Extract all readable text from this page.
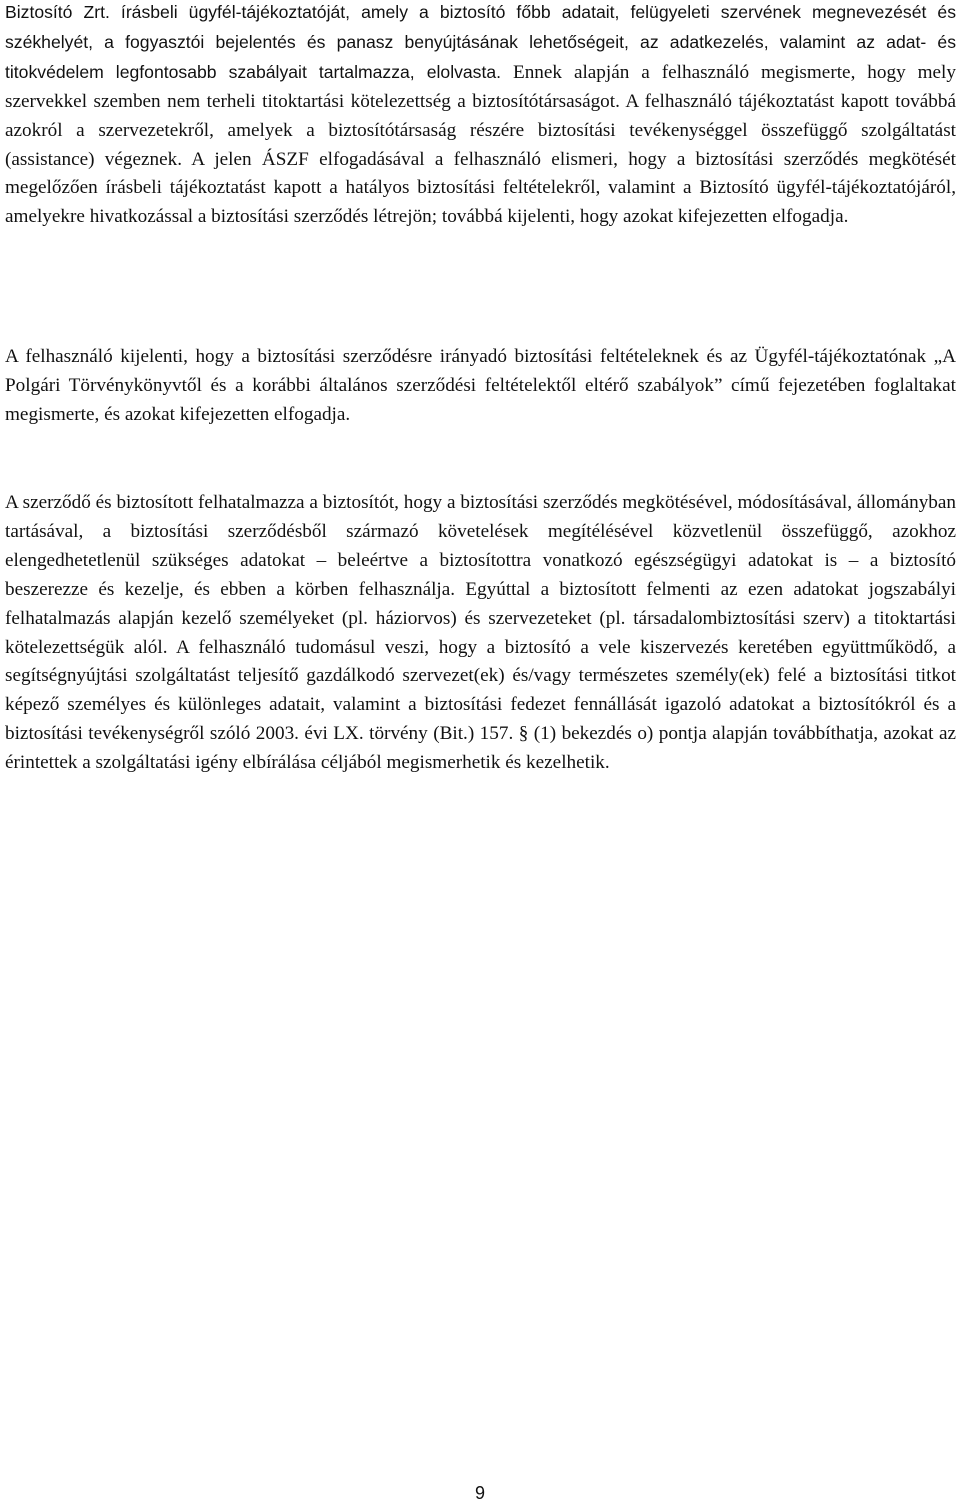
Biztosító Zrt. írásbeli ügyfél-tájékoztatóját, amely a biztosító főbb adatait, felügyeleti szervének megnevezését és székhelyét, a fogyasztói bejelentés és panasz benyújtásának lehetőségeit, az adatkezelés, valamint az adat- és titokvédelem legfontosabb szabályait tartalmazza, elolvasta. Ennek alapján a felhasználó megismerte, hogy mely szervekkel szemben nem terheli titoktartási kötelezettség a biztosítótársaságot. A felhasználó tájékoztatást kapott továbbá azokról a szervezetekről, amelyek a biztosítótársaság részére biztosítási tevékenységgel összefüggő szolgáltatást (assistance) végeznek. A jelen ÁSZF elfogadásával a felhasználó elismeri, hogy a biztosítási szerződés megkötését megelőzően írásbeli tájékoztatást kapott a hatályos biztosítási feltételekről, valamint a Biztosító ügyfél-tájékoztatójáról, amelyekre hivatkozással a biztosítási szerződés létrejön; továbbá kijelenti, hogy azokat kifejezetten elfogadja.

A felhasználó kijelenti, hogy a biztosítási szerződésre irányadó biztosítási feltételeknek és az Ügyfél-tájékoztatónak „A Polgári Törvénykönyvtől és a korábbi általános szerződési feltételektől eltérő szabályok” című fejezetében foglaltakat megismerte, és azokat kifejezetten elfogadja.

A szerződő és biztosított felhatalmazza a biztosítót, hogy a biztosítási szerződés megkötésével, módosításával, állományban tartásával, a biztosítási szerződésből származó követelések megítélésével közvetlenül összefüggő, azokhoz elengedhetetlenül szükséges adatokat – beleértve a biztosítottra vonatkozó egészségügyi adatokat is – a biztosító beszerezze és kezelje, és ebben a körben felhasználja. Egyúttal a biztosított felmenti az ezen adatokat jogszabályi felhatalmazás alapján kezelő személyeket (pl. háziorvos) és szervezeteket (pl. társadalombiztosítási szerv) a titoktartási kötelezettségük alól. A felhasználó tudomásul veszi, hogy a biztosító a vele kiszervezés keretében együttműködő, a segítségnyújtási szolgáltatást teljesítő gazdálkodó szervezet(ek) és/vagy természetes személy(ek) felé a biztosítási titkot képező személyes és különleges adatait, valamint a biztosítási fedezet fennállását igazoló adatokat a biztosítókról és a biztosítási tevékenységről szóló 2003. évi LX. törvény (Bit.) 157. § (1) bekezdés o) pontja alapján továbbíthatja, azokat az érintettek a szolgáltatási igény elbírálása céljából megismerhetik és kezelhetik.

9
